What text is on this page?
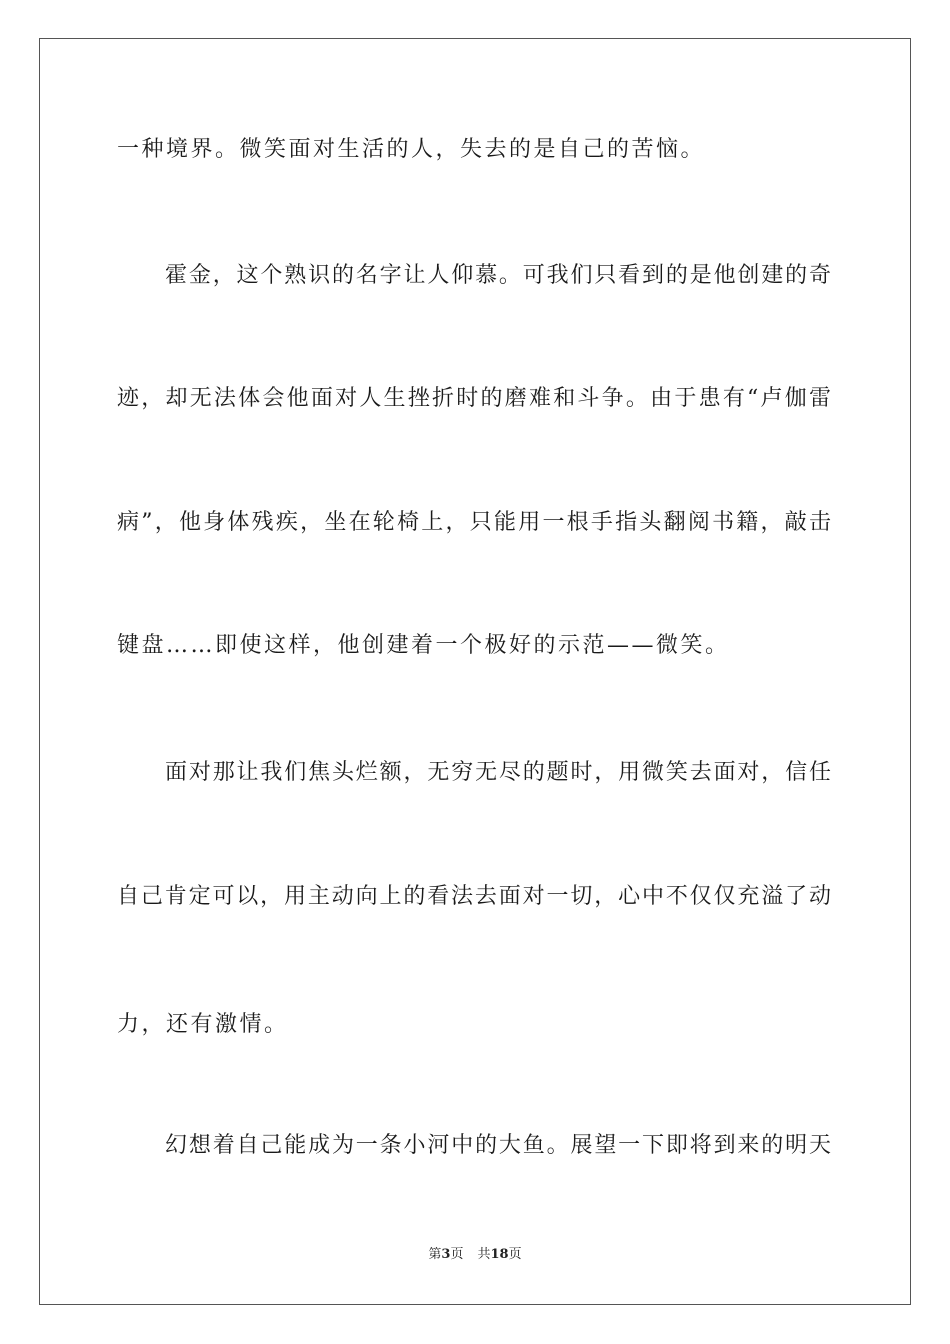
一种境界。微笑面对生活的人，失去的是自己的苦恼。
霍金，这个熟识的名字让人仰慕。可我们只看到的是他创建的奇
迹，却无法体会他面对人生挫折时的磨难和斗争。由于患有“卢伽雷
病”，他身体残疾，坐在轮椅上，只能用一根手指头翻阅书籍，敲击
键盘……即使这样，他创建着一个极好的示范——微笑。
面对那让我们焦头烂额，无穷无尽的题时，用微笑去面对，信任
自己肯定可以，用主动向上的看法去面对一切，心中不仅仅充溢了动
力，还有激情。
幻想着自己能成为一条小河中的大鱼。展望一下即将到来的明天
第3页 共18页
